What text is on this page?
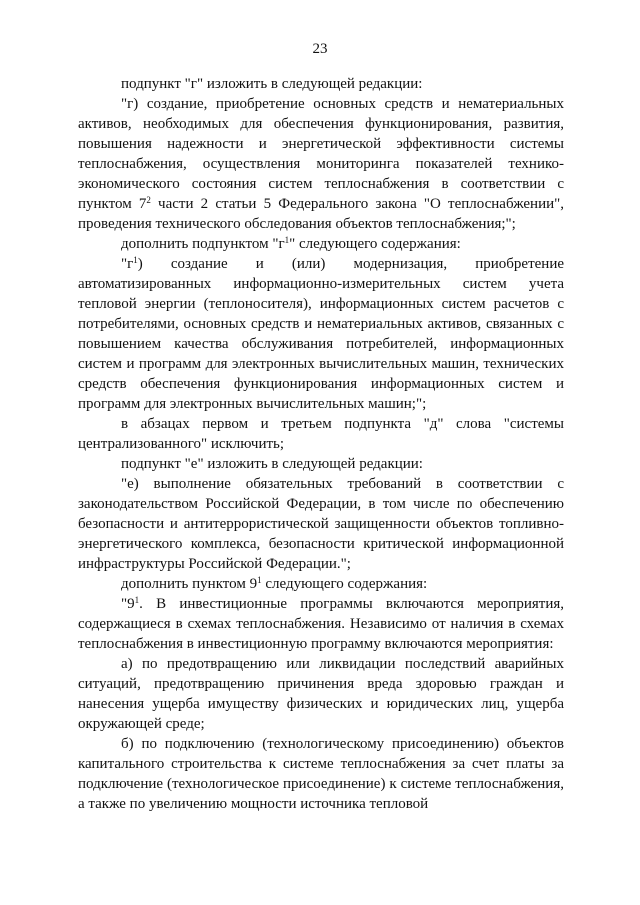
23

подпункт "г" изложить в следующей редакции:

"г) создание, приобретение основных средств и нематериальных активов, необходимых для обеспечения функционирования, развития, повышения надежности и энергетической эффективности системы теплоснабжения, осуществления мониторинга показателей технико-экономического состояния систем теплоснабжения в соответствии с пунктом $7^2$ части 2 статьи 5 Федерального закона "О теплоснабжении", проведения технического обследования объектов теплоснабжения;";

дополнить подпунктом "$г^1$" следующего содержания:

"$г^1$) создание и (или) модернизация, приобретение автоматизированных информационно-измерительных систем учета тепловой энергии (теплоносителя), информационных систем расчетов с потребителями, основных средств и нематериальных активов, связанных с повышением качества обслуживания потребителей, информационных систем и программ для электронных вычислительных машин, технических средств обеспечения функционирования информационных систем и программ для электронных вычислительных машин;";

в абзацах первом и третьем подпункта "д" слова "системы централизованного" исключить;

подпункт "е" изложить в следующей редакции:

"е) выполнение обязательных требований в соответствии с законодательством Российской Федерации, в том числе по обеспечению безопасности и антитеррористической защищенности объектов топливно-энергетического комплекса, безопасности критической информационной инфраструктуры Российской Федерации.";

дополнить пунктом $9^1$ следующего содержания:

"$9^1$. В инвестиционные программы включаются мероприятия, содержащиеся в схемах теплоснабжения. Независимо от наличия в схемах теплоснабжения в инвестиционную программу включаются мероприятия:

а) по предотвращению или ликвидации последствий аварийных ситуаций, предотвращению причинения вреда здоровью граждан и нанесения ущерба имуществу физических и юридических лиц, ущерба окружающей среде;

б) по подключению (технологическому присоединению) объектов капитального строительства к системе теплоснабжения за счет платы за подключение (технологическое присоединение) к системе теплоснабжения, а также по увеличению мощности источника тепловой
